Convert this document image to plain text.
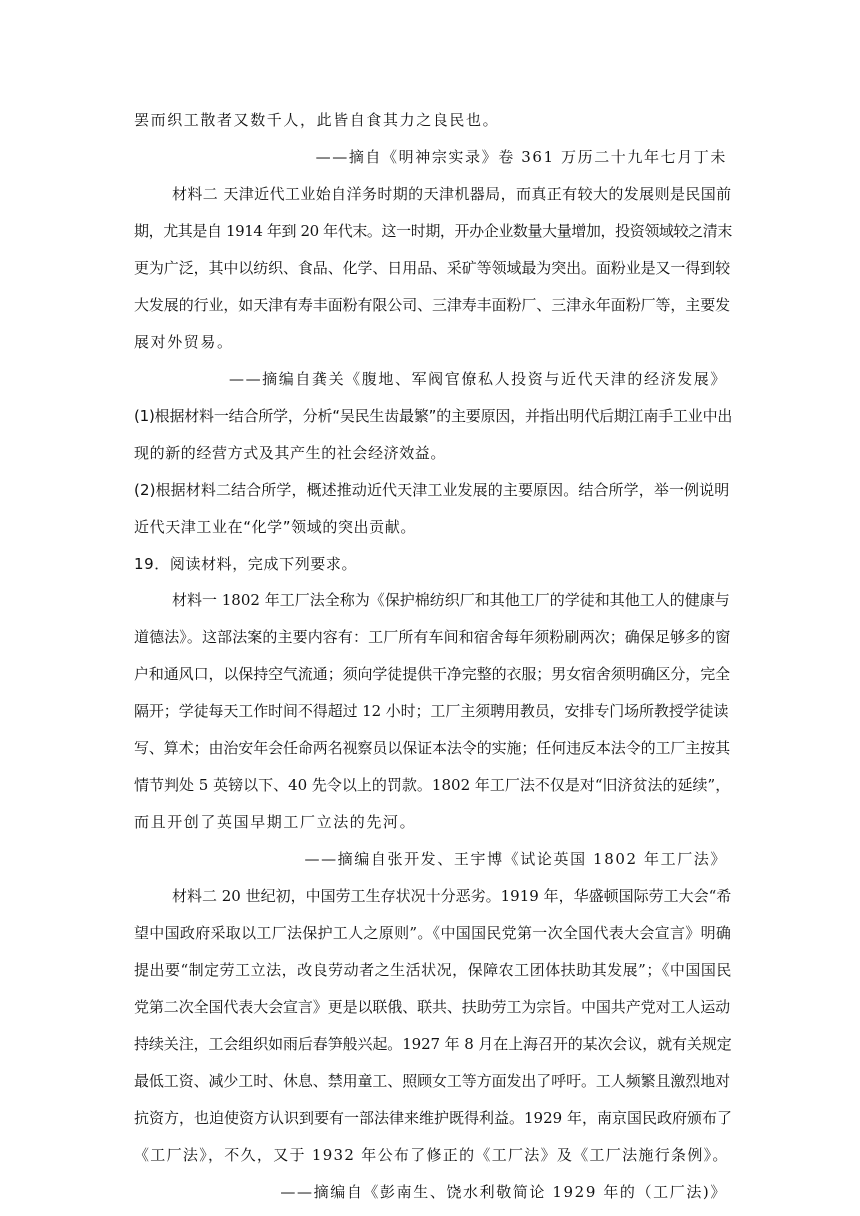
罢而织工散者又数千人，此皆自食其力之良民也。
——摘自《明神宗实录》卷 361 万历二十九年七月丁未
材料二 天津近代工业始自洋务时期的天津机器局，而真正有较大的发展则是民国前
期，尤其是自 1914 年到 20 年代末。这一时期，开办企业数量大量增加，投资领域较之清末
更为广泛，其中以纺织、食品、化学、日用品、采矿等领域最为突出。面粉业是又一得到较
大发展的行业，如天津有寿丰面粉有限公司、三津寿丰面粉厂、三津永年面粉厂等，主要发
展对外贸易。
——摘编自龚关《腹地、军阀官僚私人投资与近代天津的经济发展》
(1)根据材料一结合所学，分析“吴民生齿最繁”的主要原因，并指出明代后期江南手工业中出
现的新的经营方式及其产生的社会经济效益。
(2)根据材料二结合所学，概述推动近代天津工业发展的主要原因。结合所学，举一例说明
近代天津工业在“化学”领域的突出贡献。
19．阅读材料，完成下列要求。
材料一 1802 年工厂法全称为《保护棉纺织厂和其他工厂的学徒和其他工人的健康与
道德法》。这部法案的主要内容有：工厂所有车间和宿舍每年须粉刷两次；确保足够多的窗
户和通风口，以保持空气流通；须向学徒提供干净完整的衣服；男女宿舍须明确区分，完全
隔开；学徒每天工作时间不得超过 12 小时；工厂主须聘用教员，安排专门场所教授学徒读
写、算术；由治安年会任命两名视察员以保证本法令的实施；任何违反本法令的工厂主按其
情节判处 5 英镑以下、40 先令以上的罚款。1802 年工厂法不仅是对“旧济贫法的延续”，
而且开创了英国早期工厂立法的先河。
——摘编自张开发、王宇博《试论英国 1802 年工厂法》
材料二 20 世纪初，中国劳工生存状况十分恶劣。1919 年，华盛顿国际劳工大会“希
望中国政府采取以工厂法保护工人之原则”。《中国国民党第一次全国代表大会宣言》明确
提出要“制定劳工立法，改良劳动者之生活状况，保障农工团体扶助其发展”；《中国国民
党第二次全国代表大会宣言》更是以联俄、联共、扶助劳工为宗旨。中国共产党对工人运动
持续关注，工会组织如雨后春笋般兴起。1927 年 8 月在上海召开的某次会议，就有关规定
最低工资、减少工时、休息、禁用童工、照顾女工等方面发出了呼吁。工人频繁且激烈地对
抗资方，也迫使资方认识到要有一部法律来维护既得利益。1929 年，南京国民政府颁布了
《工厂法》，不久，又于 1932 年公布了修正的《工厂法》及《工厂法施行条例》。
——摘编自《彭南生、饶水利敬简论 1929 年的（工厂法)》
